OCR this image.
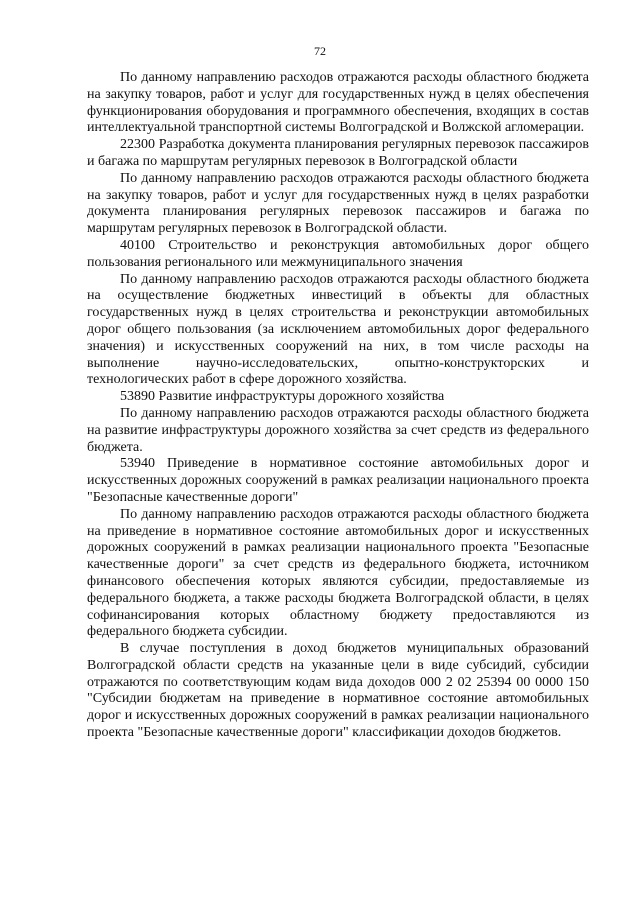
72

По данному направлению расходов отражаются расходы областного бюджета на закупку товаров, работ и услуг для государственных нужд в целях обеспечения функционирования оборудования и программного обеспечения, входящих в состав интеллектуальной транспортной системы Волгоградской и Волжской агломерации.

22300 Разработка документа планирования регулярных перевозок пассажиров и багажа по маршрутам регулярных перевозок в Волгоградской области

По данному направлению расходов отражаются расходы областного бюджета на закупку товаров, работ и услуг для государственных нужд в целях разработки документа планирования регулярных перевозок пассажиров и багажа по маршрутам регулярных перевозок в Волгоградской области.

40100 Строительство и реконструкция автомобильных дорог общего пользования регионального или межмуниципального значения

По данному направлению расходов отражаются расходы областного бюджета на осуществление бюджетных инвестиций в объекты для областных государственных нужд в целях строительства и реконструкции автомобильных дорог общего пользования (за исключением автомобильных дорог федерального значения) и искусственных сооружений на них, в том числе расходы на выполнение научно-исследовательских, опытно-конструкторских и технологических работ в сфере дорожного хозяйства.

53890 Развитие инфраструктуры дорожного хозяйства

По данному направлению расходов отражаются расходы областного бюджета на развитие инфраструктуры дорожного хозяйства за счет средств из федерального бюджета.

53940 Приведение в нормативное состояние автомобильных дорог и искусственных дорожных сооружений в рамках реализации национального проекта "Безопасные качественные дороги"

По данному направлению расходов отражаются расходы областного бюджета на приведение в нормативное состояние автомобильных дорог и искусственных дорожных сооружений в рамках реализации национального проекта "Безопасные качественные дороги" за счет средств из федерального бюджета, источником финансового обеспечения которых являются субсидии, предоставляемые из федерального бюджета, а также расходы бюджета Волгоградской области, в целях софинансирования которых областному бюджету предоставляются из федерального бюджета субсидии.

В случае поступления в доход бюджетов муниципальных образований Волгоградской области средств на указанные цели в виде субсидий, субсидии отражаются по соответствующим кодам вида доходов 000 2 02 25394 00 0000 150 "Субсидии бюджетам на приведение в нормативное состояние автомобильных дорог и искусственных дорожных сооружений в рамках реализации национального проекта "Безопасные качественные дороги" классификации доходов бюджетов.
